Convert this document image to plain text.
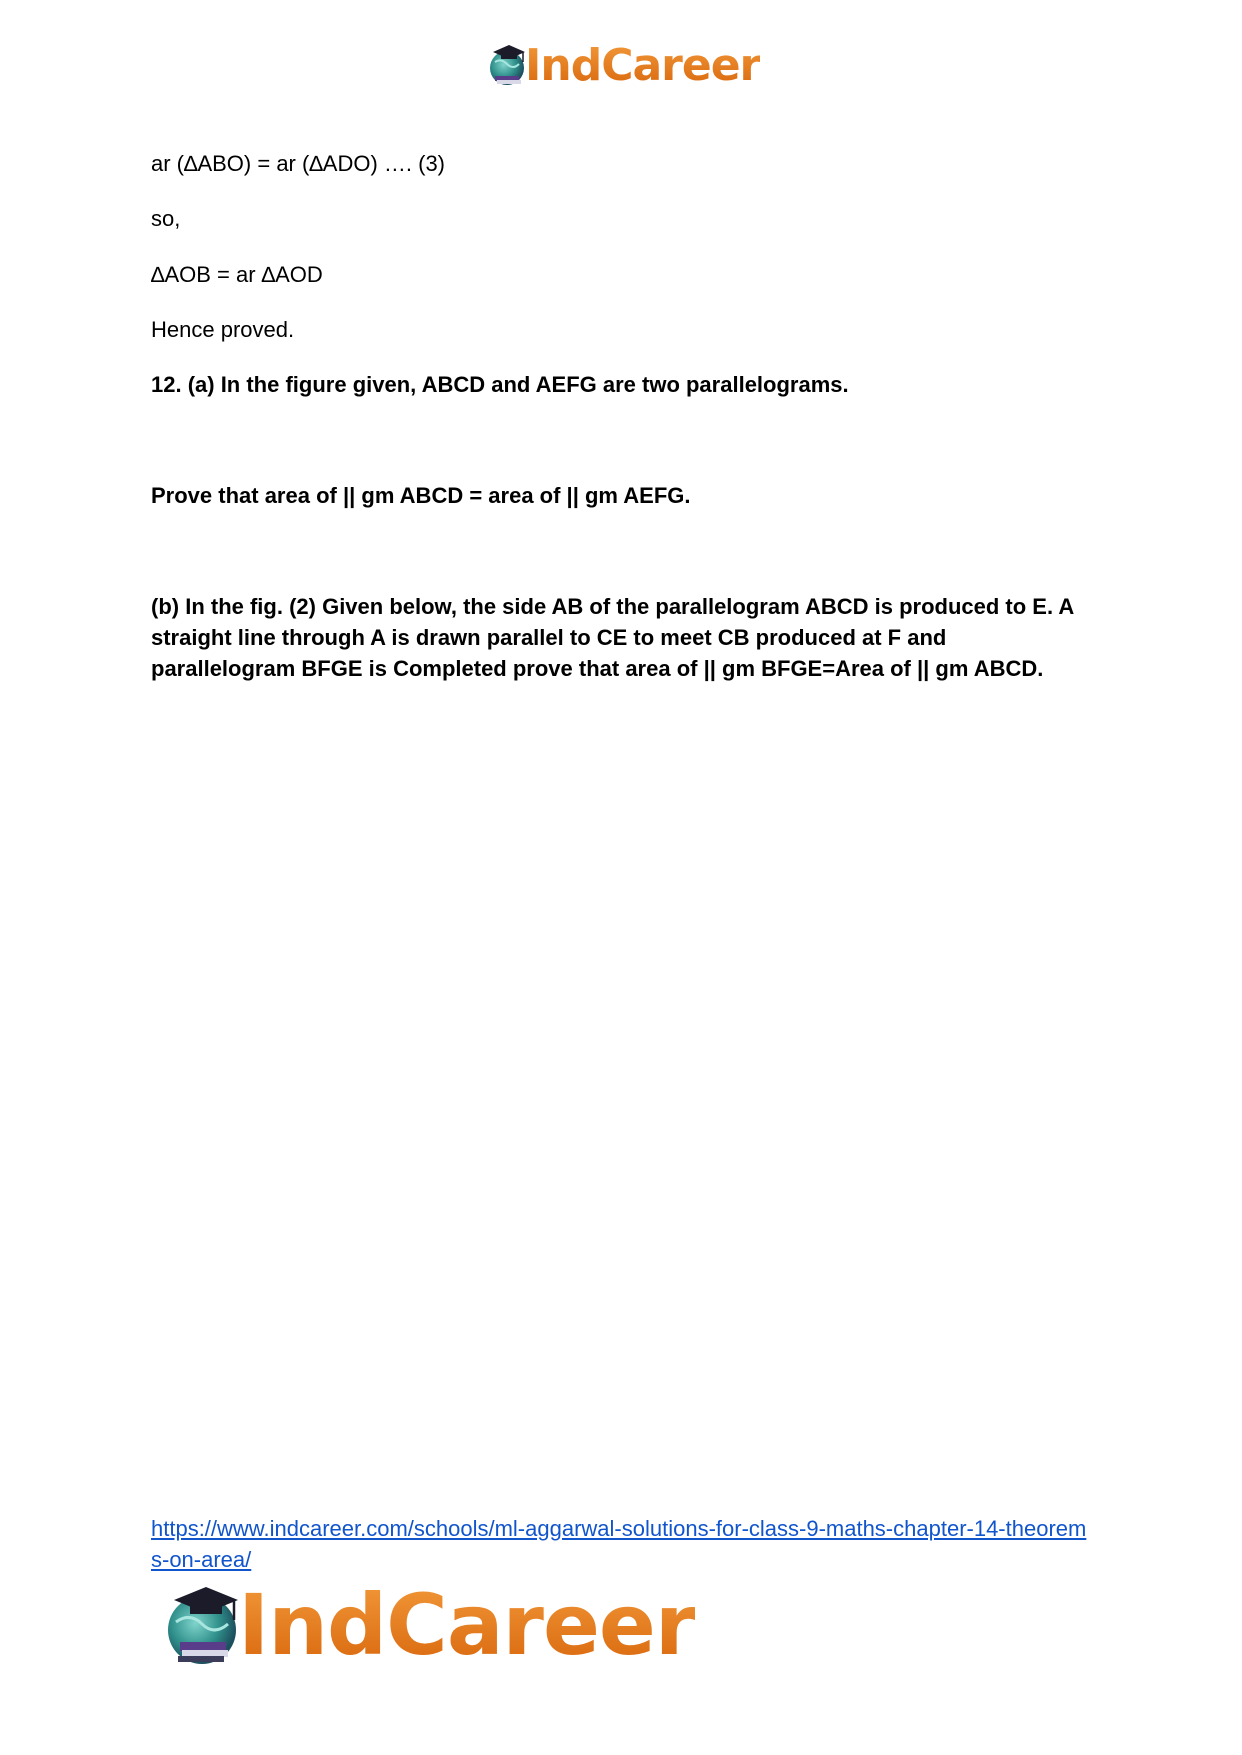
IndCareer

ar (∆ABO) = ar (∆ADO) …. (3)

so,

∆AOB = ar ∆AOD

Hence proved.

12. (a) In the figure given, ABCD and AEFG are two parallelograms.

Prove that area of || gm ABCD = area of || gm AEFG.

(b) In the fig. (2) Given below, the side AB of the parallelogram ABCD is produced to E. A straight line through A is drawn parallel to CE to meet CB produced at F and parallelogram BFGE is Completed prove that area of || gm BFGE=Area of || gm ABCD.

https://www.indcareer.com/schools/ml-aggarwal-solutions-for-class-9-maths-chapter-14-theorems-on-area/
IndCareer
